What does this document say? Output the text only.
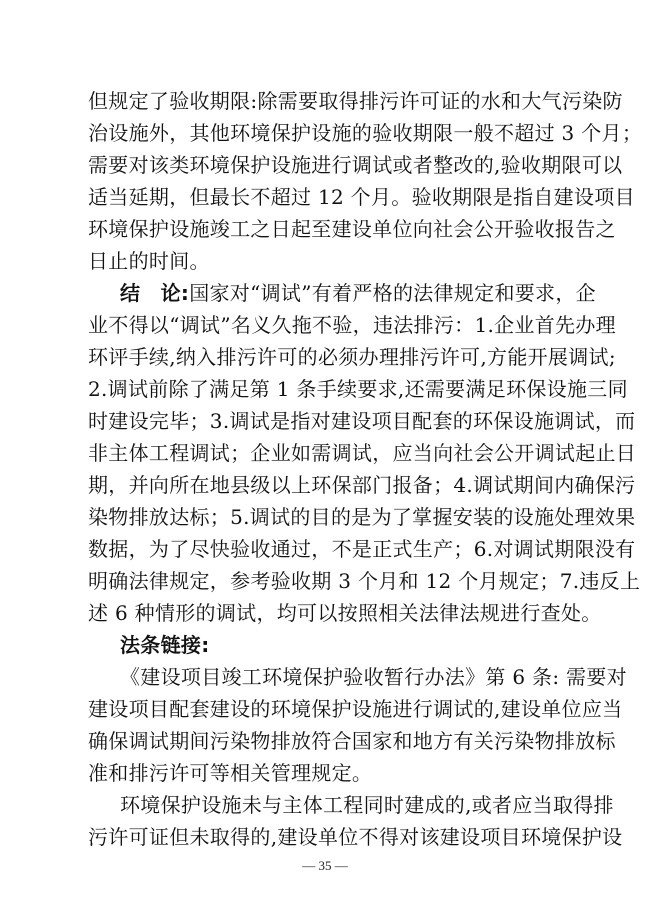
但规定了验收期限:除需要取得排污许可证的水和大气污染防
治设施外，其他环境保护设施的验收期限一般不超过 3 个月；
需要对该类环境保护设施进行调试或者整改的,验收期限可以
适当延期，但最长不超过 12 个月。验收期限是指自建设项目
环境保护设施竣工之日起至建设单位向社会公开验收报告之
日止的时间。
结　论:国家对“调试”有着严格的法律规定和要求，企
业不得以“调试”名义久拖不验，违法排污：1.企业首先办理
环评手续,纳入排污许可的必须办理排污许可,方能开展调试;
2.调试前除了满足第 1 条手续要求,还需要满足环保设施三同
时建设完毕；3.调试是指对建设项目配套的环保设施调试，而
非主体工程调试；企业如需调试，应当向社会公开调试起止日
期，并向所在地县级以上环保部门报备；4.调试期间内确保污
染物排放达标；5.调试的目的是为了掌握安装的设施处理效果
数据，为了尽快验收通过，不是正式生产；6.对调试期限没有
明确法律规定，参考验收期 3 个月和 12 个月规定；7.违反上
述 6 种情形的调试，均可以按照相关法律法规进行查处。
法条链接:
《建设项目竣工环境保护验收暂行办法》第 6 条: 需要对
建设项目配套建设的环境保护设施进行调试的,建设单位应当
确保调试期间污染物排放符合国家和地方有关污染物排放标
准和排污许可等相关管理规定。
环境保护设施未与主体工程同时建成的,或者应当取得排
污许可证但未取得的,建设单位不得对该建设项目环境保护设
— 35 —
